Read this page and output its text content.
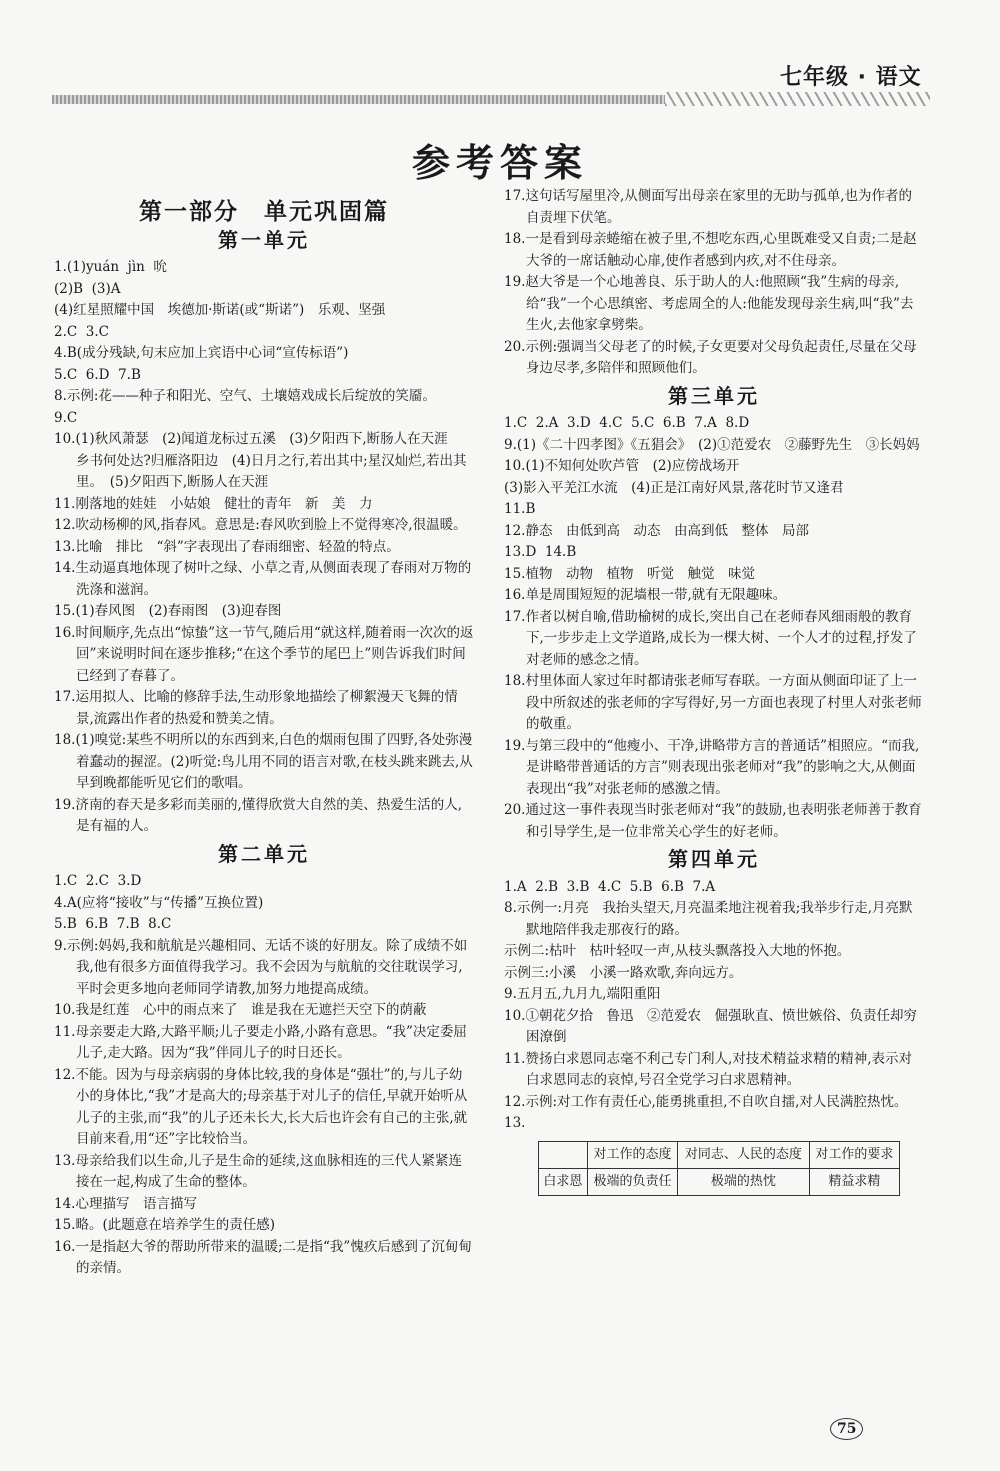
七年级 · 语文
参考答案
第一部分　单元巩固篇
第一单元

1.(1)yuán  jìn  吮

(2)B  (3)A

(4)红星照耀中国　埃德加·斯诺(或“斯诺”)　乐观、坚强

2.C  3.C

4.B(成分残缺,句末应加上宾语中心词“宣传标语”)

5.C  6.D  7.B

8.示例:花——种子和阳光、空气、土壤嬉戏成长后绽放的笑靥。

9.C

10.(1)秋风萧瑟　(2)闻道龙标过五溪　(3)夕阳西下,断肠人在天涯　乡书何处达?归雁洛阳边　(4)日月之行,若出其中;星汉灿烂,若出其里。　(5)夕阳西下,断肠人在天涯

11.刚落地的娃娃　小姑娘　健壮的青年　新　美　力

12.吹动杨柳的风,指春风。意思是:春风吹到脸上不觉得寒冷,很温暖。

13.比喻　排比　“斜”字表现出了春雨细密、轻盈的特点。

14.生动逼真地体现了树叶之绿、小草之青,从侧面表现了春雨对万物的洗涤和滋润。

15.(1)春风图　(2)春雨图　(3)迎春图

16.时间顺序,先点出“惊蛰”这一节气,随后用“就这样,随着雨一次次的返回”来说明时间在逐步推移;“在这个季节的尾巴上”则告诉我们时间已经到了春暮了。

17.运用拟人、比喻的修辞手法,生动形象地描绘了柳絮漫天飞舞的情景,流露出作者的热爱和赞美之情。

18.(1)嗅觉:某些不明所以的东西到来,白色的烟雨包围了四野,各处弥漫着蠢动的握涩。(2)听觉:鸟儿用不同的语言对歌,在枝头跳来跳去,从早到晚都能听见它们的歌唱。

19.济南的春天是多彩而美丽的,懂得欣赏大自然的美、热爱生活的人,是有福的人。

第二单元

1.C  2.C  3.D

4.A(应将“接收”与“传播”互换位置)

5.B  6.B  7.B  8.C

9.示例:妈妈,我和航航是兴趣相同、无话不谈的好朋友。除了成绩不如我,他有很多方面值得我学习。我不会因为与航航的交往耽误学习,平时会更多地向老师同学请教,加努力地提高成绩。

10.我是红莲　心中的雨点来了　谁是我在无遮拦天空下的荫蔽

11.母亲要走大路,大路平顺;儿子要走小路,小路有意思。“我”决定委屈儿子,走大路。因为“我”伴同儿子的时日还长。

12.不能。因为与母亲病弱的身体比较,我的身体是“强壮”的,与儿子幼小的身体比,“我”才是高大的;母亲基于对儿子的信任,早就开始听从儿子的主张,而“我”的儿子还未长大,长大后也许会有自己的主张,就目前来看,用“还”字比较恰当。

13.母亲给我们以生命,儿子是生命的延续,这血脉相连的三代人紧紧连接在一起,构成了生命的整体。

14.心理描写　语言描写

15.略。(此题意在培养学生的责任感)

16.一是指赵大爷的帮助所带来的温暖;二是指“我”愧疚后感到了沉甸甸的亲情。

17.这句话写屋里冷,从侧面写出母亲在家里的无助与孤单,也为作者的自责埋下伏笔。

18.一是看到母亲蜷缩在被子里,不想吃东西,心里既难受又自责;二是赵大爷的一席话触动心扉,使作者感到内疚,对不住母亲。

19.赵大爷是一个心地善良、乐于助人的人:他照顾“我”生病的母亲,给“我”一个心思缜密、考虑周全的人:他能发现母亲生病,叫“我”去生火,去他家拿劈柴。

20.示例:强调当父母老了的时候,子女更要对父母负起责任,尽量在父母身边尽孝,多陪伴和照顾他们。

第三单元

1.C  2.A  3.D  4.C  5.C  6.B  7.A  8.D

9.(1)《二十四孝图》《五猖会》　(2)①范爱农　②藤野先生　③长妈妈

10.(1)不知何处吹芦管　(2)应傍战场开

(3)影入平羌江水流　(4)正是江南好风景,落花时节又逢君

11.B

12.静态　由低到高　动态　由高到低　整体　局部

13.D  14.B

15.植物　动物　植物　听觉　触觉　味觉

16.单是周围短短的泥墙根一带,就有无限趣味。

17.作者以树自喻,借助榆树的成长,突出自己在老师春风细雨般的教育下,一步步走上文学道路,成长为一棵大树、一个人才的过程,抒发了对老师的感念之情。

18.村里体面人家过年时都请张老师写春联。一方面从侧面印证了上一段中所叙述的张老师的字写得好,另一方面也表现了村里人对张老师的敬重。

19.与第三段中的“他瘦小、干净,讲略带方言的普通话”相照应。“而我,是讲略带普通话的方言”则表现出张老师对“我”的影响之大,从侧面表现出“我”对张老师的感激之情。

20.通过这一事件表现当时张老师对“我”的鼓励,也表明张老师善于教育和引导学生,是一位非常关心学生的好老师。

第四单元

1.A  2.B  3.B  4.C  5.B  6.B  7.A

8.示例一:月亮　我抬头望天,月亮温柔地注视着我;我举步行走,月亮默默地陪伴我走那夜行的路。

示例二:枯叶　枯叶轻叹一声,从枝头飘落投入大地的怀抱。

示例三:小溪　小溪一路欢歌,奔向远方。

9.五月五,九月九,端阳重阳

10.①朝花夕拾　鲁迅　②范爱农　倔强耿直、愤世嫉俗、负责任却穷困潦倒

11.赞扬白求恩同志毫不利己专门利人,对技术精益求精的精神,表示对白求恩同志的哀悼,号召全党学习白求恩精神。

12.示例:对工作有责任心,能勇挑重担,不自吹自擂,对人民满腔热忱。

13.

	对工作的态度	对同志、人民的态度	对工作的要求
白求恩	极端的负责任	极端的热忱	精益求精
75
